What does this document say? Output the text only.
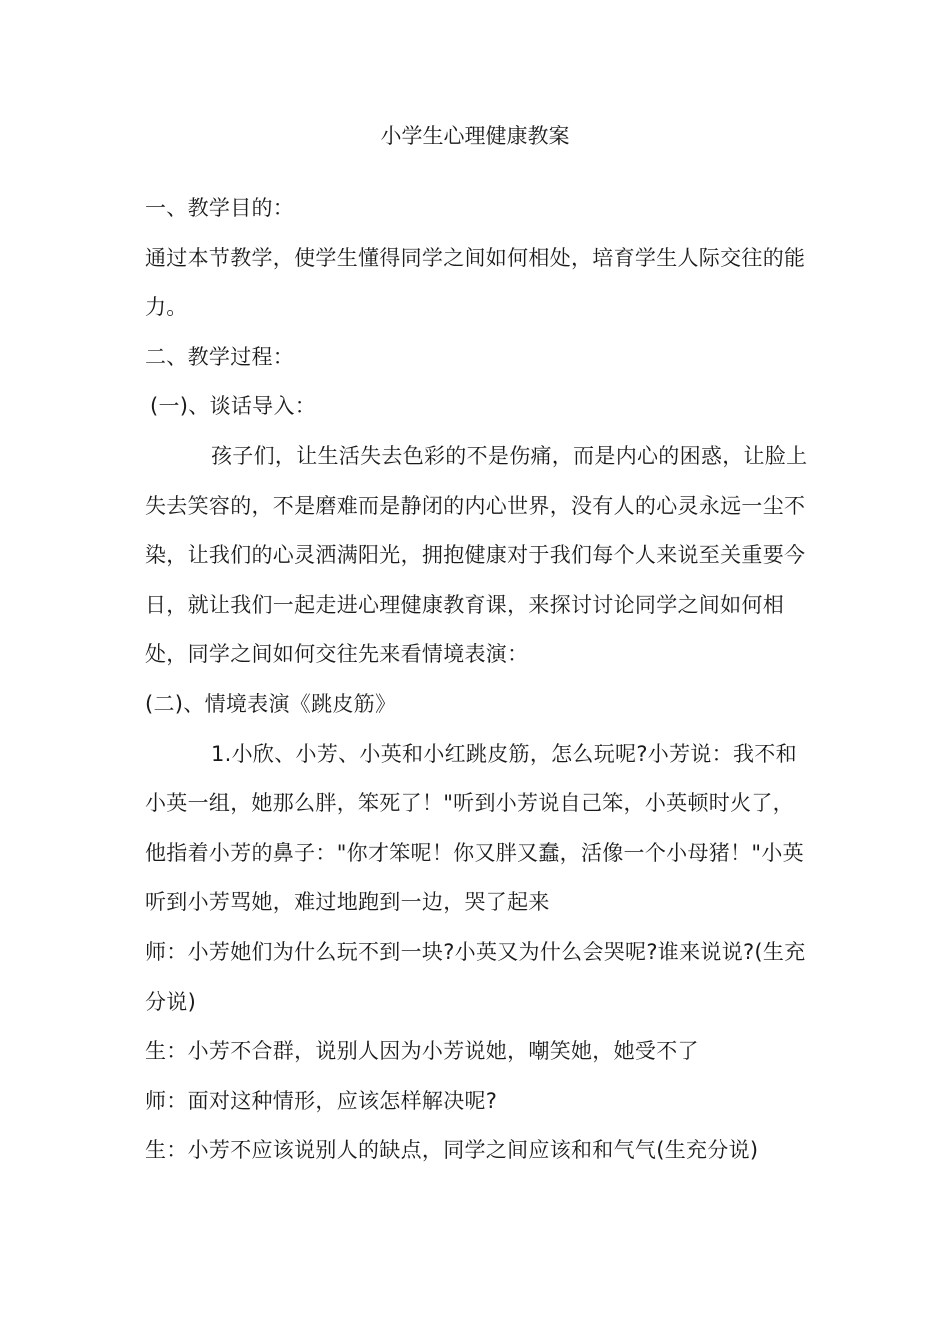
小学生心理健康教案

一、教学目的：

通过本节教学，使学生懂得同学之间如何相处，培育学生人际交往的能力。

二、教学过程：

(一)、谈话导入：

孩子们，让生活失去色彩的不是伤痛，而是内心的困惑，让脸上失去笑容的，不是磨难而是静闭的内心世界，没有人的心灵永远一尘不染，让我们的心灵洒满阳光，拥抱健康对于我们每个人来说至关重要今日，就让我们一起走进心理健康教育课，来探讨讨论同学之间如何相处，同学之间如何交往先来看情境表演：

(二)、情境表演《跳皮筋》

1.小欣、小芳、小英和小红跳皮筋，怎么玩呢?小芳说：我不和小英一组，她那么胖，笨死了！"听到小芳说自己笨，小英顿时火了，他指着小芳的鼻子："你才笨呢！你又胖又蠢，活像一个小母猪！"小英听到小芳骂她，难过地跑到一边，哭了起来

师：小芳她们为什么玩不到一块?小英又为什么会哭呢?谁来说说?(生充分说)

生：小芳不合群，说别人因为小芳说她，嘲笑她，她受不了

师：面对这种情形，应该怎样解决呢?

生：小芳不应该说别人的缺点，同学之间应该和和气气(生充分说)
